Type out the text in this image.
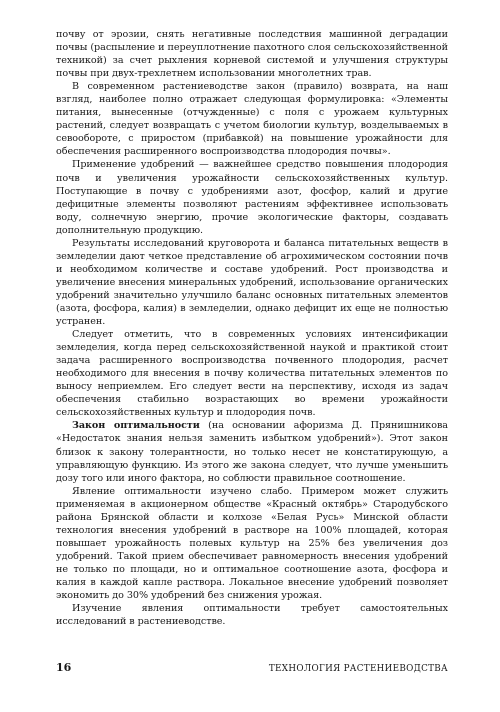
почву от эрозии, снять негативные последствия машинной деградации почвы (распыление и переуплотнение пахотного слоя сельскохозяйственной техникой) за счет рыхления корневой системой и улучшения структуры почвы при двух-трехлетнем использовании многолетних трав.

В современном растениеводстве закон (правило) возврата, на наш взгляд, наиболее полно отражает следующая формулировка: «Элементы питания, вынесенные (отчужденные) с поля с урожаем культурных растений, следует возвращать с учетом биологии культур, возделываемых в севообороте, с приростом (прибавкой) на повышение урожайности для обеспечения расширенного воспроизводства плодородия почвы».

Применение удобрений — важнейшее средство повышения плодородия почв и увеличения урожайности сельскохозяйственных культур. Поступающие в почву с удобрениями азот, фосфор, калий и другие дефицитные элементы позволяют растениям эффективнее использовать воду, солнечную энергию, прочие экологические факторы, создавать дополнительную продукцию.

Результаты исследований круговорота и баланса питательных веществ в земледелии дают четкое представление об агрохимическом состоянии почв и необходимом количестве и составе удобрений. Рост производства и увеличение внесения минеральных удобрений, использование органических удобрений значительно улучшило баланс основных питательных элементов (азота, фосфора, калия) в земледелии, однако дефицит их еще не полностью устранен.

Следует отметить, что в современных условиях интенсификации земледелия, когда перед сельскохозяйственной наукой и практикой стоит задача расширенного воспроизводства почвенного плодородия, расчет необходимого для внесения в почву количества питательных элементов по выносу неприемлем. Его следует вести на перспективу, исходя из задач обеспечения стабильно возрастающих во времени урожайности сельскохозяйственных культур и плодородия почв.

Закон оптимальности (на основании афоризма Д. Прянишникова «Недостаток знания нельзя заменить избытком удобрений»). Этот закон близок к закону толерантности, но только несет не констатирующую, а управляющую функцию. Из этого же закона следует, что лучше уменьшить дозу того или иного фактора, но соблюсти правильное соотношение.

Явление оптимальности изучено слабо. Примером может служить применяемая в акционерном обществе «Красный октябрь» Стародубского района Брянской области и колхозе «Белая Русь» Минской области технология внесения удобрений в растворе на 100% площадей, которая повышает урожайность полевых культур на 25% без увеличения доз удобрений. Такой прием обеспечивает равномерность внесения удобрений не только по площади, но и оптимальное соотношение азота, фосфора и калия в каждой капле раствора. Локальное внесение удобрений позволяет экономить до 30% удобрений без снижения урожая.

Изучение явления оптимальности требует самостоятельных исследований в растениеводстве.

16	ТЕХНОЛОГИЯ РАСТЕНИЕВОДСТВА
